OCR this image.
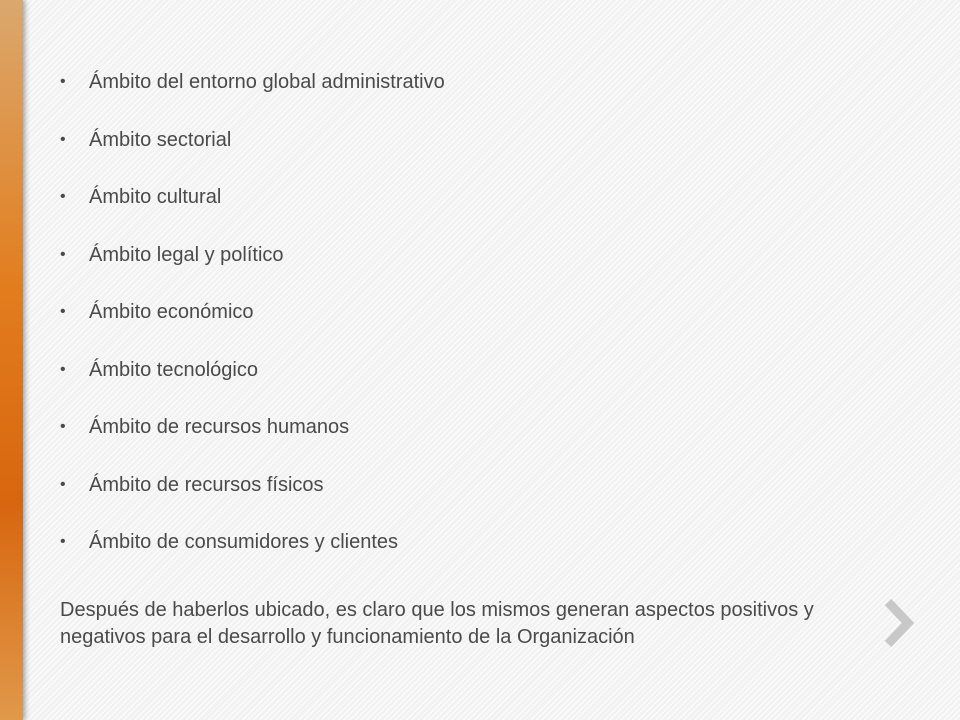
• Ámbito del entorno global administrativo
• Ámbito sectorial
• Ámbito cultural
• Ámbito legal y político
• Ámbito económico
• Ámbito tecnológico
• Ámbito de recursos humanos
• Ámbito de recursos físicos
• Ámbito de consumidores y clientes

Después de haberlos ubicado, es claro que los mismos generan aspectos positivos y negativos para el desarrollo y funcionamiento de la Organización
